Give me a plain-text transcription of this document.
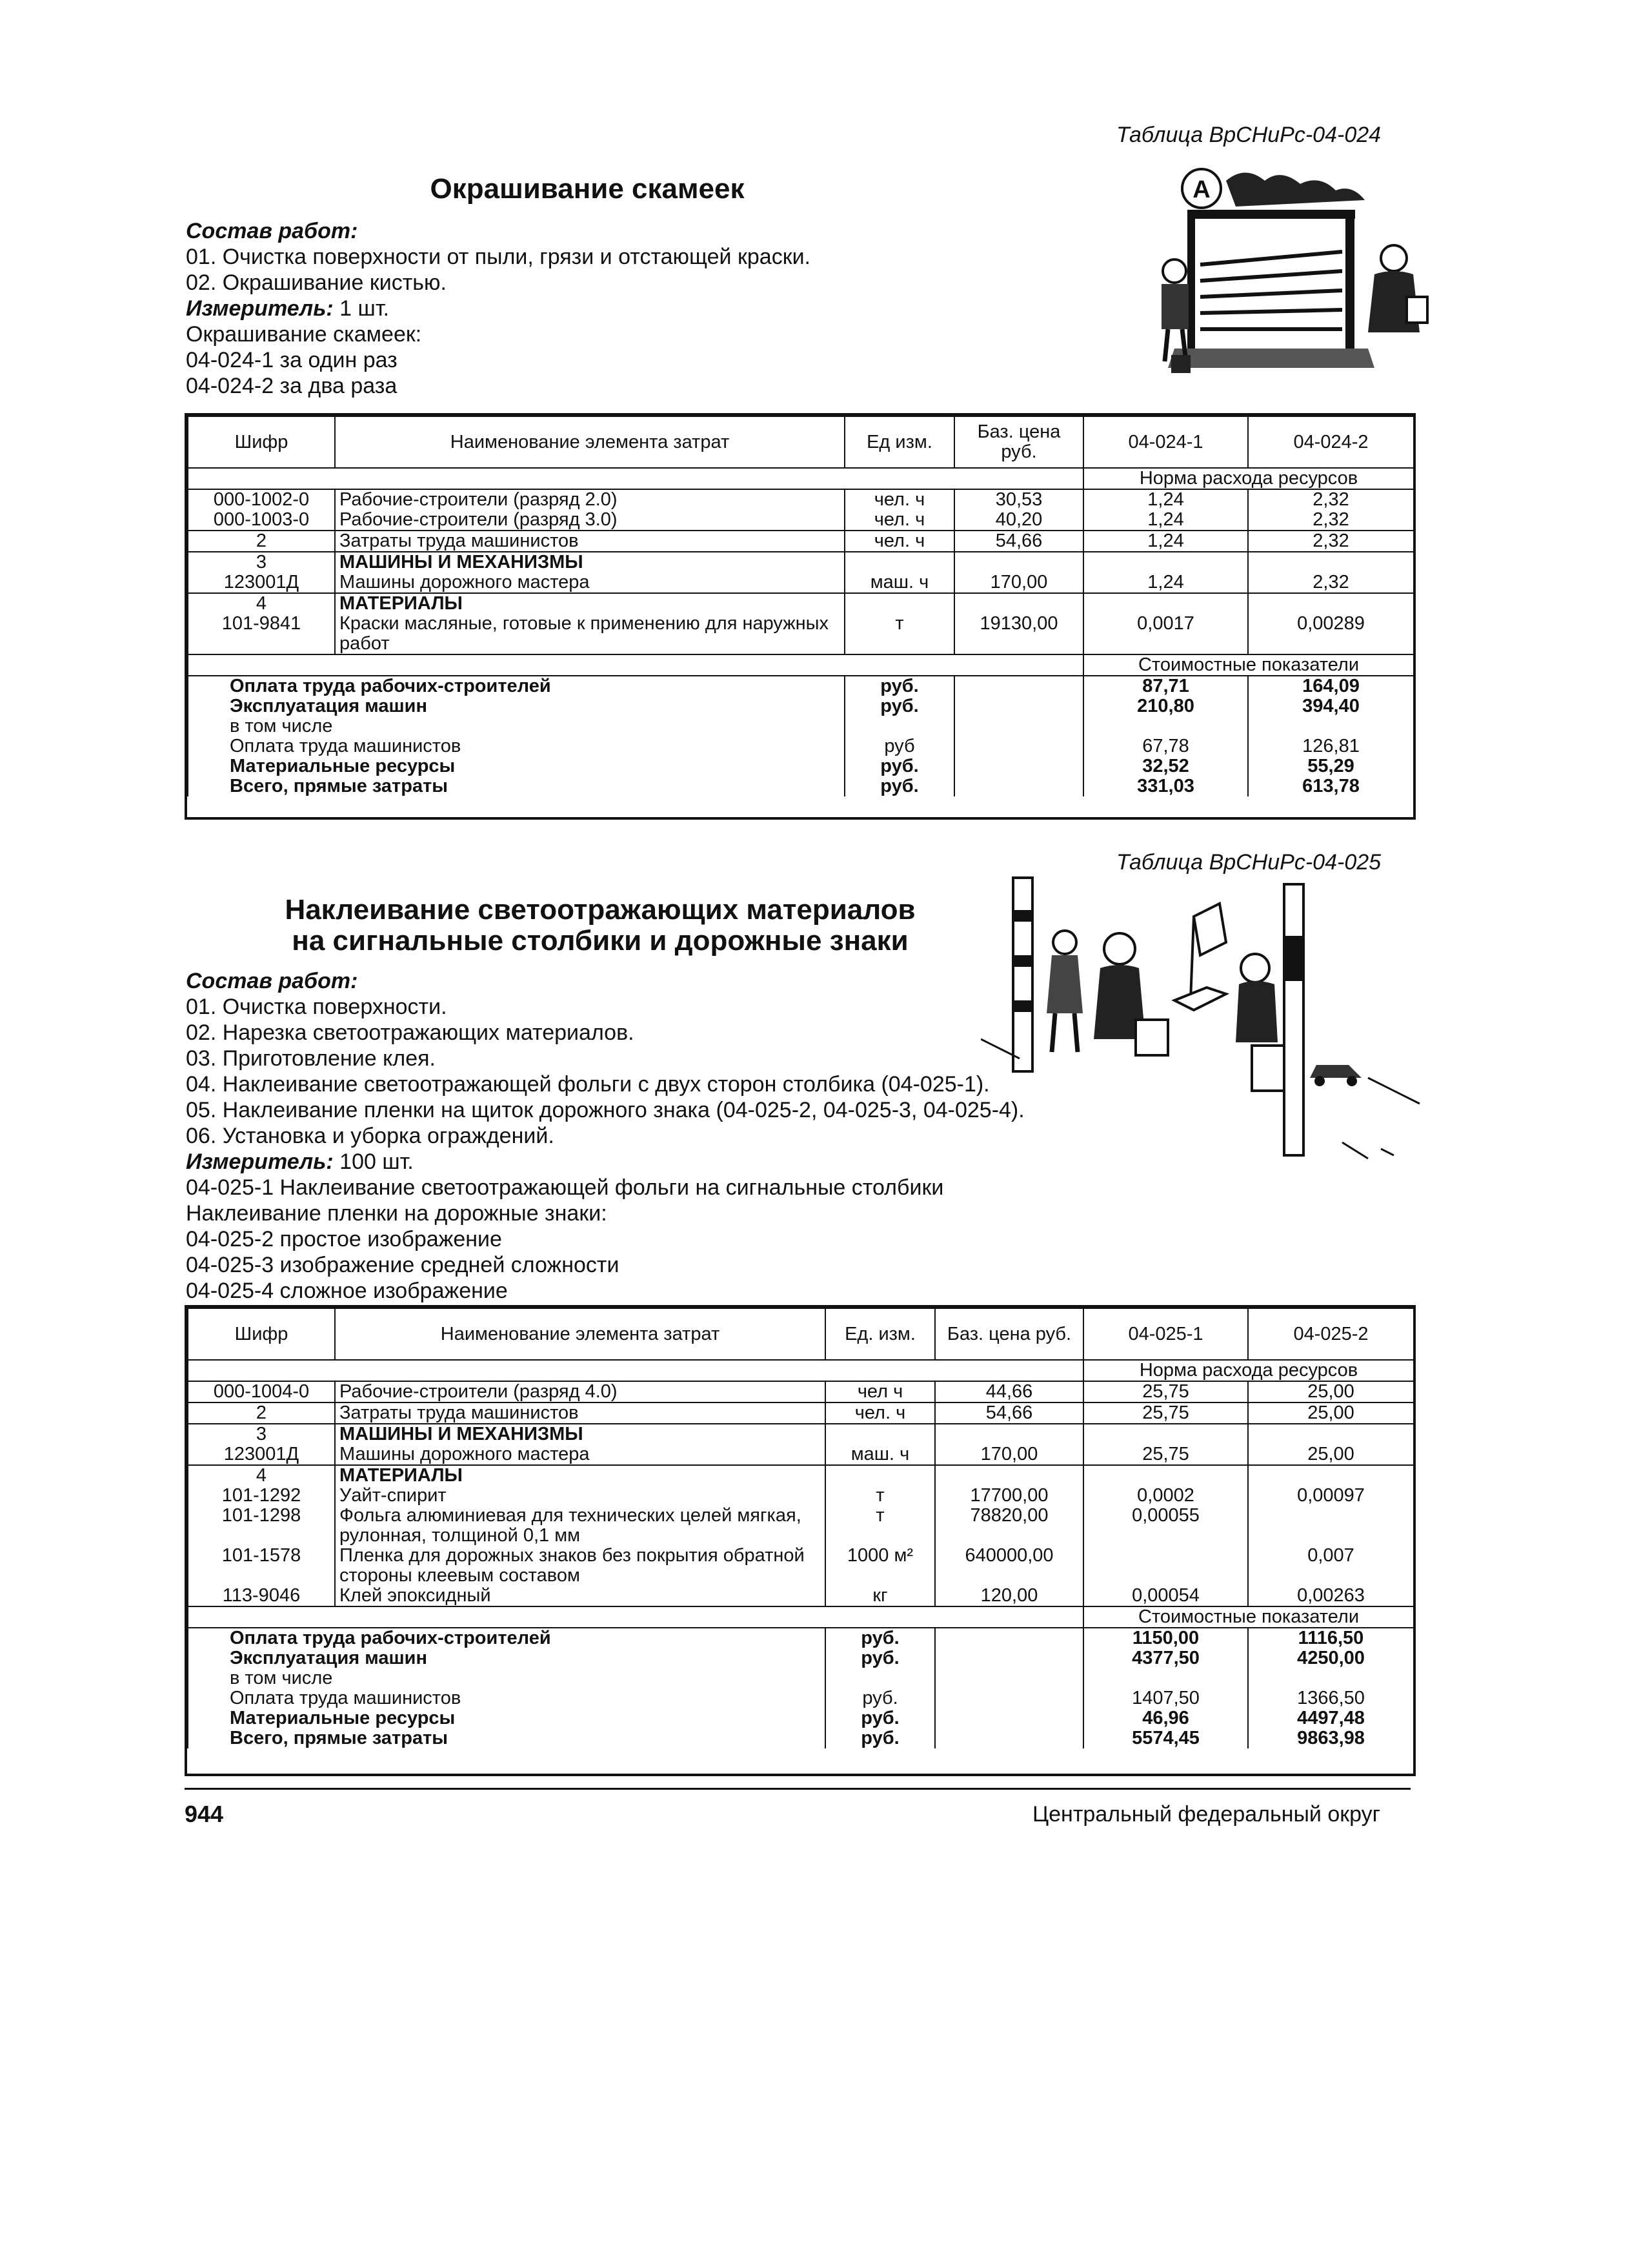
Таблица ВрСНиРс-04-024
Окрашивание скамеек
Состав работ:
01. Очистка поверхности от пыли, грязи и отстающей краски.
02. Окрашивание кистью.
Измеритель: 1 шт.
Окрашивание скамеек:
04-024-1 за один раз
04-024-2 за два раза
A
Шифр	Наименование элемента затрат	Ед изм.	Баз. цена руб.	04-024-1	04-024-2
				Норма расхода ресурсов	
000-1002-0	Рабочие-строители (разряд 2.0)	чел. ч	30,53	1,24	2,32
000-1003-0	Рабочие-строители (разряд 3.0)	чел. ч	40,20	1,24	2,32
2	Затраты труда машинистов	чел. ч	54,66	1,24	2,32
3	МАШИНЫ И МЕХАНИЗМЫ				
123001Д	Машины дорожного мастера	маш. ч	170,00	1,24	2,32
4	МАТЕРИАЛЫ				
101-9841	Краски масляные, готовые к применению для наружных работ	т	19130,00	0,0017	0,00289
				Стоимостные показатели	
Оплата труда рабочих-строителей		руб.		87,71	164,09
Эксплуатация машин		руб.		210,80	394,40
в том числе					
Оплата труда машинистов		руб		67,78	126,81
Материальные ресурсы		руб.		32,52	55,29
Всего, прямые затраты		руб.		331,03	613,78
Таблица ВрСНиРс-04-025
Наклеивание светоотражающих материалов
на сигнальные столбики и дорожные знаки
Состав работ:
01. Очистка поверхности.
02. Нарезка светоотражающих материалов.
03. Приготовление клея.
04. Наклеивание светоотражающей фольги с двух сторон столбика (04-025-1).
05. Наклеивание пленки на щиток дорожного знака (04-025-2, 04-025-3, 04-025-4).
06. Установка и уборка ограждений.
Измеритель: 100 шт.
04-025-1 Наклеивание светоотражающей фольги на сигнальные столбики
Наклеивание пленки на дорожные знаки:
04-025-2 простое изображение
04-025-3 изображение средней сложности
04-025-4 сложное изображение
Шифр	Наименование элемента затрат	Ед. изм.	Баз. цена руб.	04-025-1	04-025-2
				Норма расхода ресурсов	
000-1004-0	Рабочие-строители (разряд 4.0)	чел ч	44,66	25,75	25,00
2	Затраты труда машинистов	чел. ч	54,66	25,75	25,00
3	МАШИНЫ И МЕХАНИЗМЫ				
123001Д	Машины дорожного мастера	маш. ч	170,00	25,75	25,00
4	МАТЕРИАЛЫ				
101-1292	Уайт-спирит	т	17700,00	0,0002	0,00097
101-1298	Фольга алюминиевая для технических целей мягкая, рулонная, толщиной 0,1 мм	т	78820,00	0,00055	
101-1578	Пленка для дорожных знаков без покрытия обратной стороны клеевым составом	1000 м²	640000,00		0,007
113-9046	Клей эпоксидный	кг	120,00	0,00054	0,00263
				Стоимостные показатели	
Оплата труда рабочих-строителей		руб.		1150,00	1116,50
Эксплуатация машин		руб.		4377,50	4250,00
в том числе					
Оплата труда машинистов		руб.		1407,50	1366,50
Материальные ресурсы		руб.		46,96	4497,48
Всего, прямые затраты		руб.		5574,45	9863,98
944	Центральный федеральный округ
